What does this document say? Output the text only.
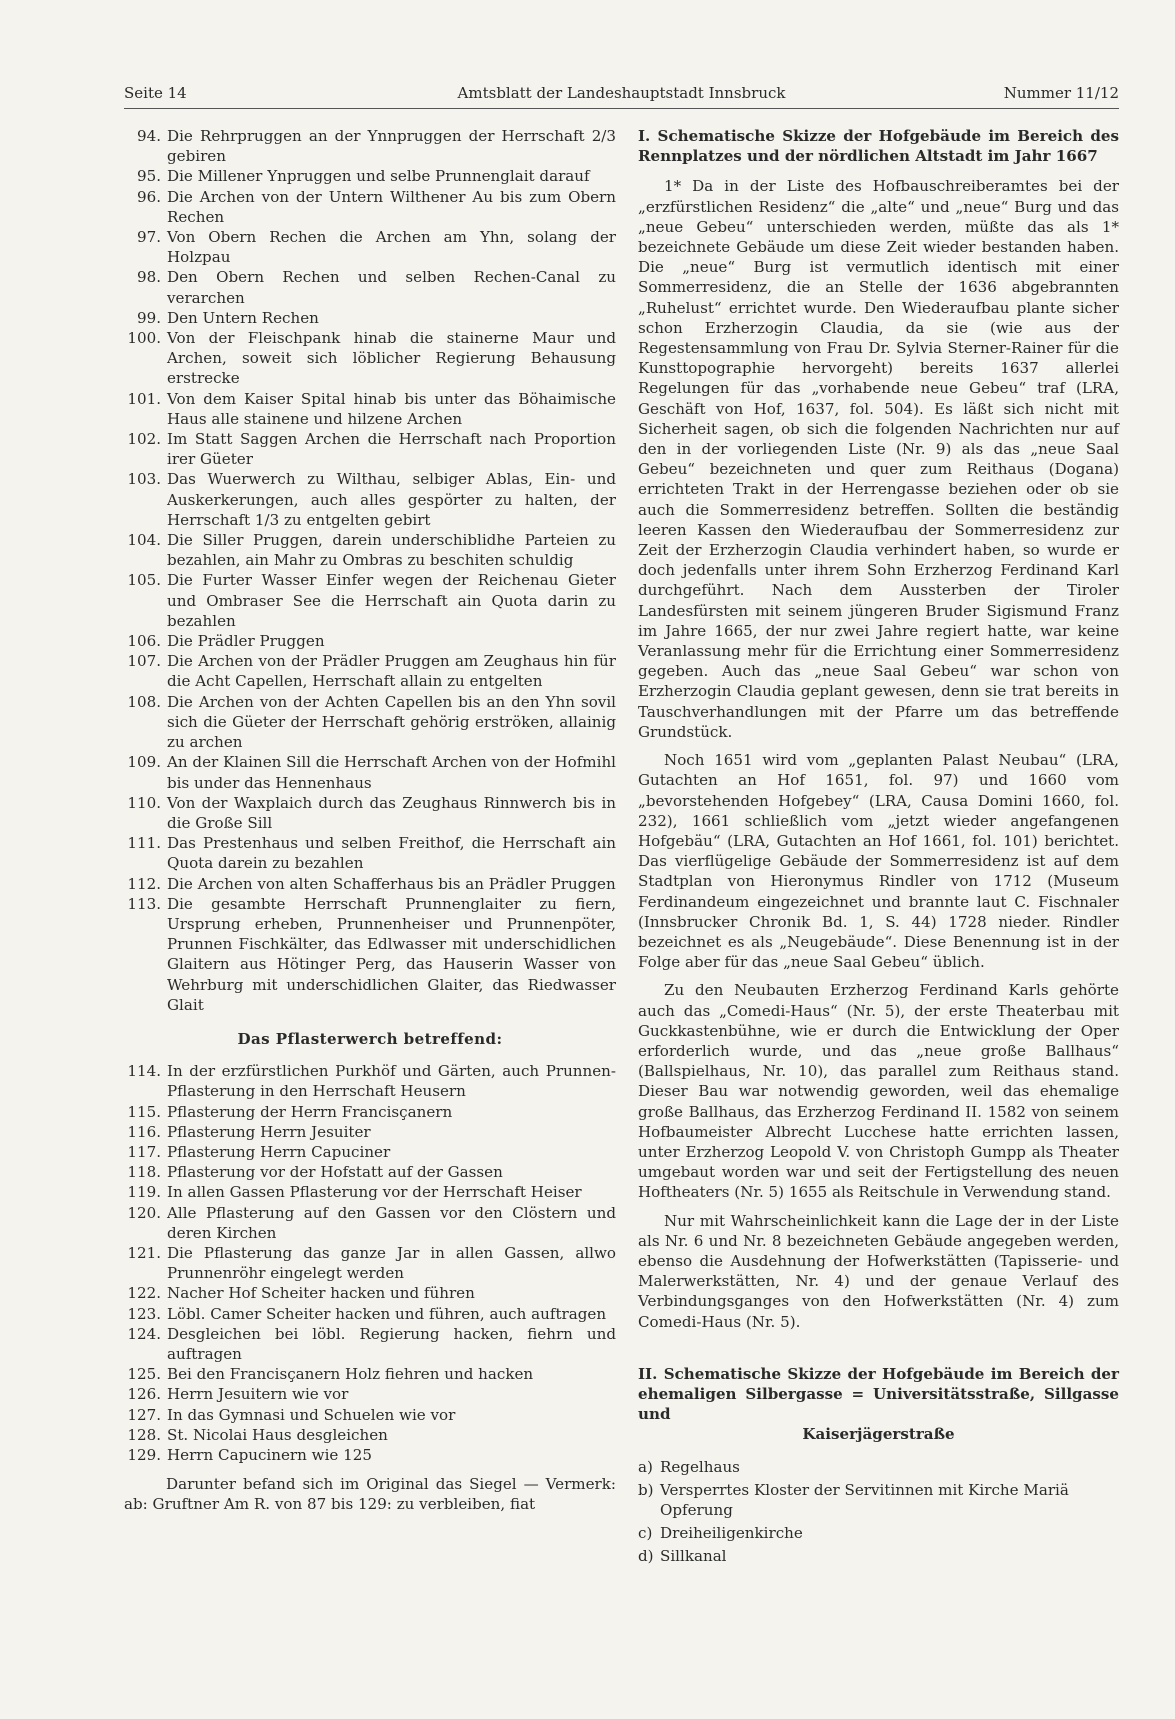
Seite 14	Amtsblatt der Landeshauptstadt Innsbruck	Nummer 11/12
94. Die Rehrpruggen an der Ynnpruggen der Herrschaft 2/3 gebiren
95. Die Millener Ynpruggen und selbe Prunnenglait darauf
96. Die Archen von der Untern Wilthener Au bis zum Obern Rechen
97. Von Obern Rechen die Archen am Yhn, solang der Holzpau
98. Den Obern Rechen und selben Rechen-Canal zu verarchen
99. Den Untern Rechen
100. Von der Fleischpank hinab die stainerne Maur und Archen, soweit sich löblicher Regierung Behausung erstrecke
101. Von dem Kaiser Spital hinab bis unter das Böhaimische Haus alle stainene und hilzene Archen
102. Im Statt Saggen Archen die Herrschaft nach Proportion irer Güeter
103. Das Wuerwerch zu Wilthau, selbiger Ablas, Ein- und Auskerkerungen, auch alles gespörter zu halten, der Herrschaft 1/3 zu entgelten gebirt
104. Die Siller Pruggen, darein underschiblidhe Parteien zu bezahlen, ain Mahr zu Ombras zu beschiten schuldig
105. Die Furter Wasser Einfer wegen der Reichenau Gieter und Ombraser See die Herrschaft ain Quota darin zu bezahlen
106. Die Prädler Pruggen
107. Die Archen von der Prädler Pruggen am Zeughaus hin für die Acht Capellen, Herrschaft allain zu entgelten
108. Die Archen von der Achten Capellen bis an den Yhn sovil sich die Güeter der Herrschaft gehörig erströken, allainig zu archen
109. An der Klainen Sill die Herrschaft Archen von der Hofmihl bis under das Hennenhaus
110. Von der Waxplaich durch das Zeughaus Rinnwerch bis in die Große Sill
111. Das Prestenhaus und selben Freithof, die Herrschaft ain Quota darein zu bezahlen
112. Die Archen von alten Schafferhaus bis an Prädler Pruggen
113. Die gesambte Herrschaft Prunnenglaiter zu fiern, Ursprung erheben, Prunnenheiser und Prunnenpöter, Prunnen Fischkälter, das Edlwasser mit underschidlichen Glaitern aus Hötinger Perg, das Hauserin Wasser von Wehrburg mit underschidlichen Glaiter, das Riedwasser Glait
Das Pflasterwerch betreffend:
114. In der erzfürstlichen Purkhöf und Gärten, auch Prunnen-Pflasterung in den Herrschaft Heusern
115. Pflasterung der Herrn Francisçanern
116. Pflasterung Herrn Jesuiter
117. Pflasterung Herrn Capuciner
118. Pflasterung vor der Hofstatt auf der Gassen
119. In allen Gassen Pflasterung vor der Herrschaft Heiser
120. Alle Pflasterung auf den Gassen vor den Clöstern und deren Kirchen
121. Die Pflasterung das ganze Jar in allen Gassen, allwo Prunnenröhr eingelegt werden
122. Nacher Hof Scheiter hacken und führen
123. Löbl. Camer Scheiter hacken und führen, auch auftragen
124. Desgleichen bei löbl. Regierung hacken, fiehrn und auftragen
125. Bei den Francisçanern Holz fiehren und hacken
126. Herrn Jesuitern wie vor
127. In das Gymnasi und Schuelen wie vor
128. St. Nicolai Haus desgleichen
129. Herrn Capucinern wie 125
Darunter befand sich im Original das Siegel — Vermerk: ab: Gruftner Am R. von 87 bis 129: zu verbleiben, fiat
I. Schematische Skizze der Hofgebäude im Bereich des Rennplatzes und der nördlichen Altstadt im Jahr 1667
1* Da in der Liste des Hofbauschreiberamtes bei der „erzfürstlichen Residenz“ die „alte“ und „neue“ Burg und das „neue Gebeu“ unterschieden werden, müßte das als 1* bezeichnete Gebäude um diese Zeit wieder bestanden haben. Die „neue“ Burg ist vermutlich identisch mit einer Sommerresidenz, die an Stelle der 1636 abgebrannten „Ruhelust“ errichtet wurde. Den Wiederaufbau plante sicher schon Erzherzogin Claudia, da sie (wie aus der Regestensammlung von Frau Dr. Sylvia Sterner-Rainer für die Kunsttopographie hervorgeht) bereits 1637 allerlei Regelungen für das „vorhabende neue Gebeu“ traf (LRA, Geschäft von Hof, 1637, fol. 504). Es läßt sich nicht mit Sicherheit sagen, ob sich die folgenden Nachrichten nur auf den in der vorliegenden Liste (Nr. 9) als das „neue Saal Gebeu“ bezeichneten und quer zum Reithaus (Dogana) errichteten Trakt in der Herrengasse beziehen oder ob sie auch die Sommerresidenz betreffen. Sollten die beständig leeren Kassen den Wiederaufbau der Sommerresidenz zur Zeit der Erzherzogin Claudia verhindert haben, so wurde er doch jedenfalls unter ihrem Sohn Erzherzog Ferdinand Karl durchgeführt. Nach dem Aussterben der Tiroler Landesfürsten mit seinem jüngeren Bruder Sigismund Franz im Jahre 1665, der nur zwei Jahre regiert hatte, war keine Veranlassung mehr für die Errichtung einer Sommerresidenz gegeben. Auch das „neue Saal Gebeu“ war schon von Erzherzogin Claudia geplant gewesen, denn sie trat bereits in Tauschverhandlungen mit der Pfarre um das betreffende Grundstück.
Noch 1651 wird vom „geplanten Palast Neubau“ (LRA, Gutachten an Hof 1651, fol. 97) und 1660 vom „bevorstehenden Hofgebey“ (LRA, Causa Domini 1660, fol. 232), 1661 schließlich vom „jetzt wieder angefangenen Hofgebäu“ (LRA, Gutachten an Hof 1661, fol. 101) berichtet. Das vierflügelige Gebäude der Sommerresidenz ist auf dem Stadtplan von Hieronymus Rindler von 1712 (Museum Ferdinandeum eingezeichnet und brannte laut C. Fischnaler (Innsbrucker Chronik Bd. 1, S. 44) 1728 nieder. Rindler bezeichnet es als „Neugebäude“. Diese Benennung ist in der Folge aber für das „neue Saal Gebeu“ üblich.
Zu den Neubauten Erzherzog Ferdinand Karls gehörte auch das „Comedi-Haus“ (Nr. 5), der erste Theaterbau mit Guckkastenbühne, wie er durch die Entwicklung der Oper erforderlich wurde, und das „neue große Ballhaus“ (Ballspielhaus, Nr. 10), das parallel zum Reithaus stand. Dieser Bau war notwendig geworden, weil das ehemalige große Ballhaus, das Erzherzog Ferdinand II. 1582 von seinem Hofbaumeister Albrecht Lucchese hatte errichten lassen, unter Erzherzog Leopold V. von Christoph Gumpp als Theater umgebaut worden war und seit der Fertigstellung des neuen Hoftheaters (Nr. 5) 1655 als Reitschule in Verwendung stand.
Nur mit Wahrscheinlichkeit kann die Lage der in der Liste als Nr. 6 und Nr. 8 bezeichneten Gebäude angegeben werden, ebenso die Ausdehnung der Hofwerkstätten (Tapisserie- und Malerwerkstätten, Nr. 4) und der genaue Verlauf des Verbindungsganges von den Hofwerkstätten (Nr. 4) zum Comedi-Haus (Nr. 5).
II. Schematische Skizze der Hofgebäude im Bereich der ehemaligen Silbergasse = Universitätsstraße, Sillgasse und
Kaiserjägerstraße
a) Regelhaus
b) Versperrtes Kloster der Servitinnen mit Kirche Mariä Opferung
c) Dreiheiligenkirche
d) Sillkanal
